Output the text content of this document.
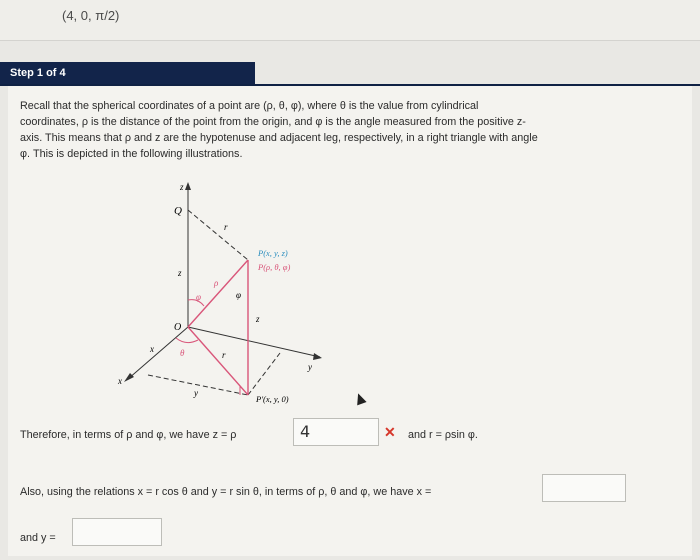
(4, 0, π/2)
Step 1 of 4
Recall that the spherical coordinates of a point are (ρ, θ, φ), where θ is the value from cylindrical
coordinates, ρ is the distance of the point from the origin, and φ is the angle measured from the positive z-
axis. This means that ρ and z are the hypotenuse and adjacent leg, respectively, in a right triangle with angle
φ. This is depicted in the following illustrations.
z
Q
r
z
φ
ρ
φ
z
O
x	θ	r
y
x
y
P(x, y, z)
P(ρ, θ, φ)
P′(x, y, 0)
Therefore, in terms of ρ and φ, we have z = ρ	4	✕ and r = ρsin φ.
Also, using the relations x = r cos θ and y = r sin θ, in terms of ρ, θ and φ, we have x =
and y =
